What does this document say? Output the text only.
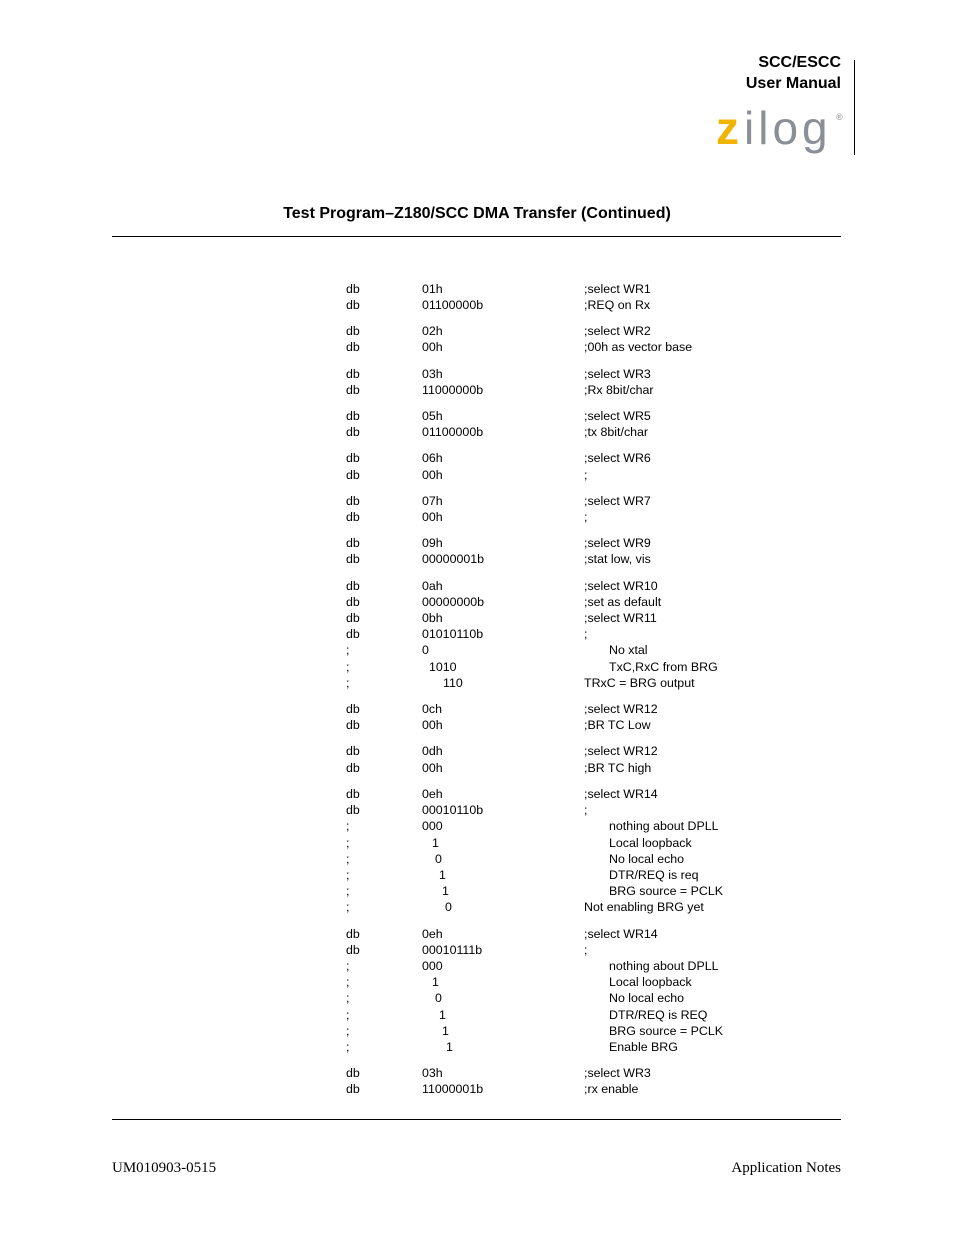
SCC/ESCC
User Manual
z ilog ®
Test Program–Z180/SCC DMA Transfer (Continued)
db	01h	;select WR1
db	01100000b	;REQ on Rx
db	02h	;select WR2
db	00h	;00h as vector base
db	03h	;select WR3
db	11000000b	;Rx 8bit/char
db	05h	;select WR5
db	01100000b	;tx 8bit/char
db	06h	;select WR6
db	00h	;
db	07h	;select WR7
db	00h	;
db	09h	;select WR9
db	00000001b	;stat low, vis
db	0ah	;select WR10
db	00000000b	;set as default
db	0bh	;select WR11
db	01010110b	;
;	0	No xtal
;	1010	TxC,RxC from BRG
;	110	TRxC = BRG output
db	0ch	;select WR12
db	00h	;BR TC Low
db	0dh	;select WR12
db	00h	;BR TC high
db	0eh	;select WR14
db	00010110b	;
;	000	nothing about DPLL
;	1	Local loopback
;	0	No local echo
;	1	DTR/REQ is req
;	1	BRG source = PCLK
;	0	Not enabling BRG yet
db	0eh	;select WR14
db	00010111b	;
;	000	nothing about DPLL
;	1	Local loopback
;	0	No local echo
;	1	DTR/REQ is REQ
;	1	BRG source = PCLK
;	1	Enable BRG
db	03h	;select WR3
db	11000001b	;rx enable
UM010903-0515	Application Notes
